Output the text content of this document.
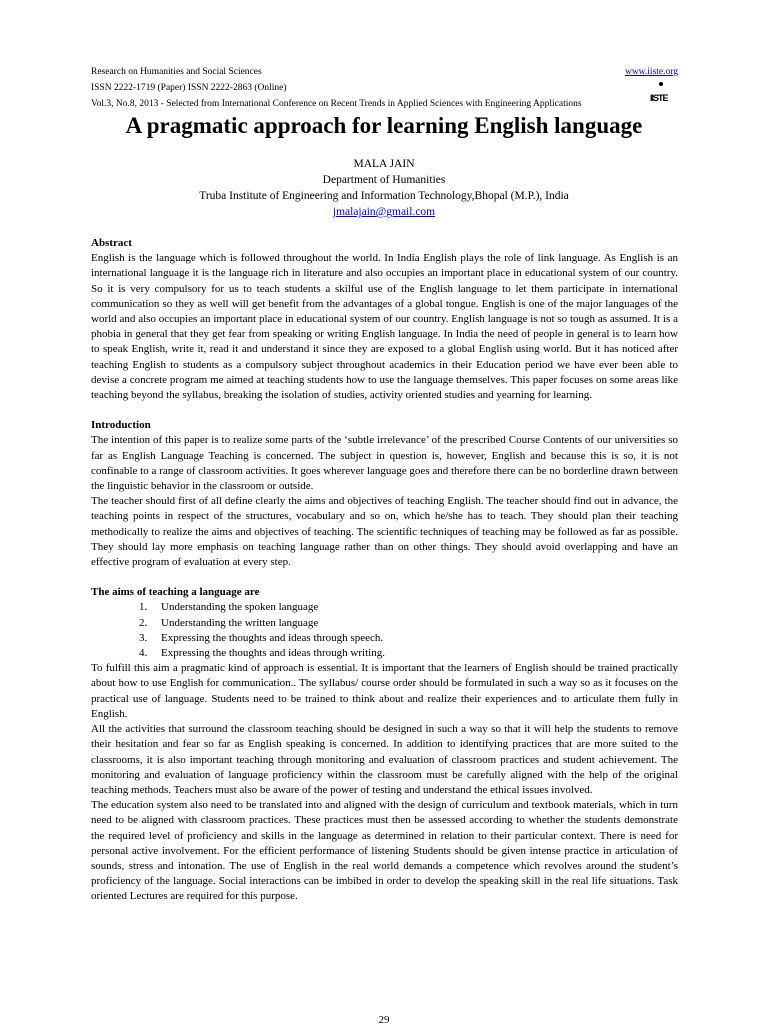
Research on Humanities and Social Sciences	www.iiste.org
ISSN 2222-1719 (Paper) ISSN 2222-2863 (Online)
Vol.3, No.8, 2013 - Selected from International Conference on Recent Trends in Applied Sciences with Engineering Applications
IISTE
A pragmatic approach for learning English language
MALA JAIN
Department of Humanities
Truba Institute of Engineering and Information Technology,Bhopal (M.P.), India
jmalajain@gmail.com
Abstract

English is the language which is followed throughout the world. In India English plays the role of link language. As English is an international language it is the language rich in literature and also occupies an important place in educational system of our country. So it is very compulsory for us to teach students a skilful use of the English language to let them participate in international communication so they as well will get benefit from the advantages of a global tongue. English is one of the major languages of the world and also occupies an important place in educational system of our country. English language is not so tough as assumed. It is a phobia in general that they get fear from speaking or writing English language. In India the need of people in general is to learn how to speak English, write it, read it and understand it since they are exposed to a global English using world. But it has noticed after teaching English to students as a compulsory subject throughout academics in their Education period we have ever been able to devise a concrete program me aimed at teaching students how to use the language themselves. This paper focuses on some areas like teaching beyond the syllabus, breaking the isolation of studies, activity oriented studies and yearning for learning.

Introduction

The intention of this paper is to realize some parts of the ‘subtle irrelevance’ of the prescribed Course Contents of our universities so far as English Language Teaching is concerned. The subject in question is, however, English and because this is so, it is not confinable to a range of classroom activities. It goes wherever language goes and therefore there can be no borderline drawn between the linguistic behavior in the classroom or outside.

The teacher should first of all define clearly the aims and objectives of teaching English. The teacher should find out in advance, the teaching points in respect of the structures, vocabulary and so on, which he/she has to teach. They should plan their teaching methodically to realize the aims and objectives of teaching. The scientific techniques of teaching may be followed as far as possible. They should lay more emphasis on teaching language rather than on other things. They should avoid overlapping and have an effective program of evaluation at every step.

The aims of teaching a language are
1. Understanding the spoken language
2. Understanding the written language
3. Expressing the thoughts and ideas through speech.
4. Expressing the thoughts and ideas through writing.

To fulfill this aim a pragmatic kind of approach is essential. It is important that the learners of English should be trained practically about how to use English for communication.. The syllabus/ course order should be formulated in such a way so as it focuses on the practical use of language. Students need to be trained to think about and realize their experiences and to articulate them fully in English.

All the activities that surround the classroom teaching should be designed in such a way so that it will help the students to remove their hesitation and fear so far as English speaking is concerned. In addition to identifying practices that are more suited to the classrooms, it is also important teaching through monitoring and evaluation of classroom practices and student achievement. The monitoring and evaluation of language proficiency within the classroom must be carefully aligned with the help of the original teaching methods. Teachers must also be aware of the power of testing and understand the ethical issues involved.

The education system also need to be translated into and aligned with the design of curriculum and textbook materials, which in turn need to be aligned with classroom practices. These practices must then be assessed according to whether the students demonstrate the required level of proficiency and skills in the language as determined in relation to their particular context. There is need for personal active involvement. For the efficient performance of listening Students should be given intense practice in articulation of sounds, stress and intonation. The use of English in the real world demands a competence which revolves around the student’s proficiency of the language. Social interactions can be imbibed in order to develop the speaking skill in the real life situations. Task oriented Lectures are required for this purpose.

29
